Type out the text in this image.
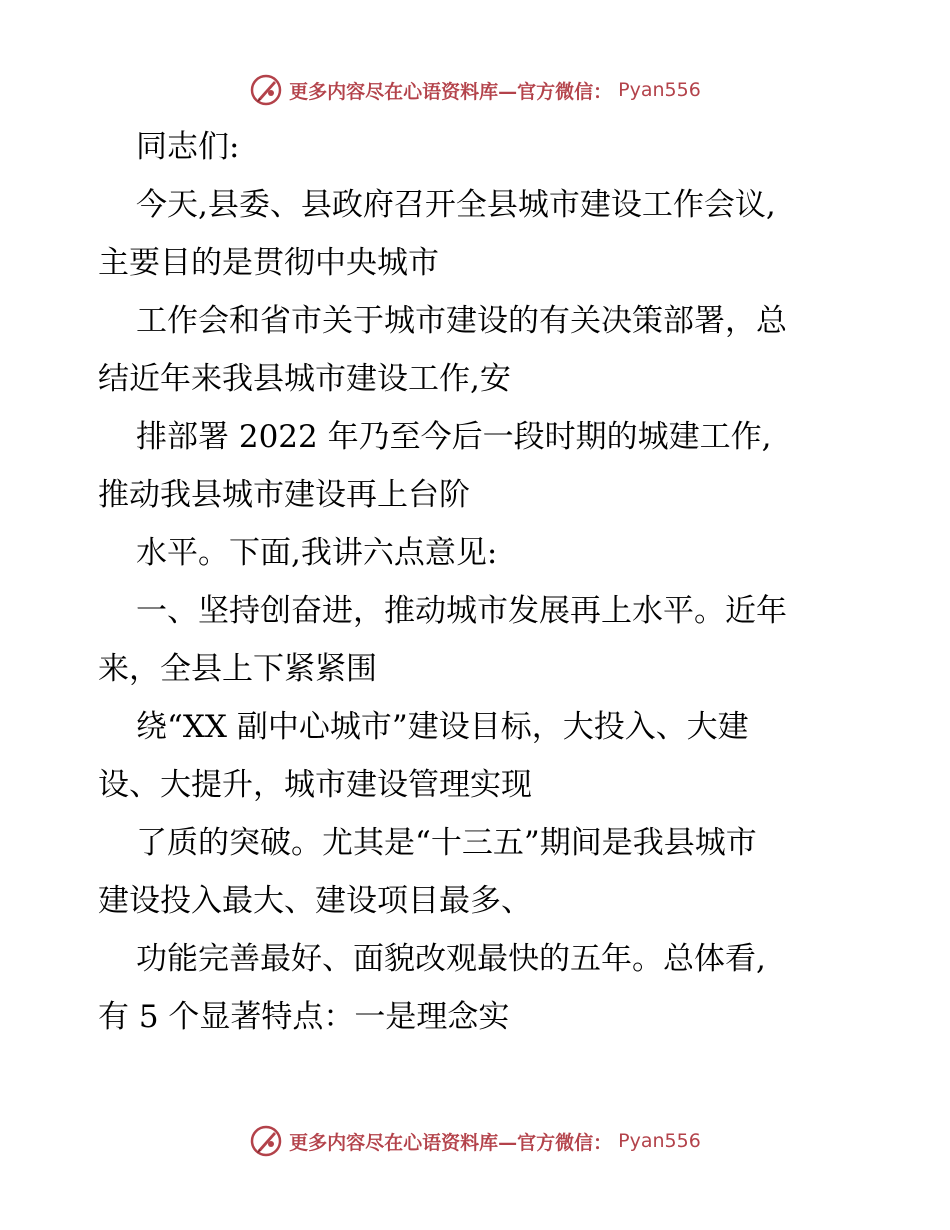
更多内容尽在心语资料库—官方微信： Pyan556
同志们:
今天,县委、县政府召开全县城市建设工作会议,
主要目的是贯彻中央城市
工作会和省市关于城市建设的有关决策部署，总
结近年来我县城市建设工作,安
排部署 2022 年乃至今后一段时期的城建工作,
推动我县城市建设再上台阶
水平。下面,我讲六点意见:
一、坚持创奋进，推动城市发展再上水平。近年
来，全县上下紧紧围
绕“XX 副中心城市”建设目标，大投入、大建
设、大提升，城市建设管理实现
了质的突破。尤其是“十三五”期间是我县城市
建设投入最大、建设项目最多、
功能完善最好、面貌改观最快的五年。总体看,
有 5 个显著特点：一是理念实
更多内容尽在心语资料库—官方微信： Pyan556
